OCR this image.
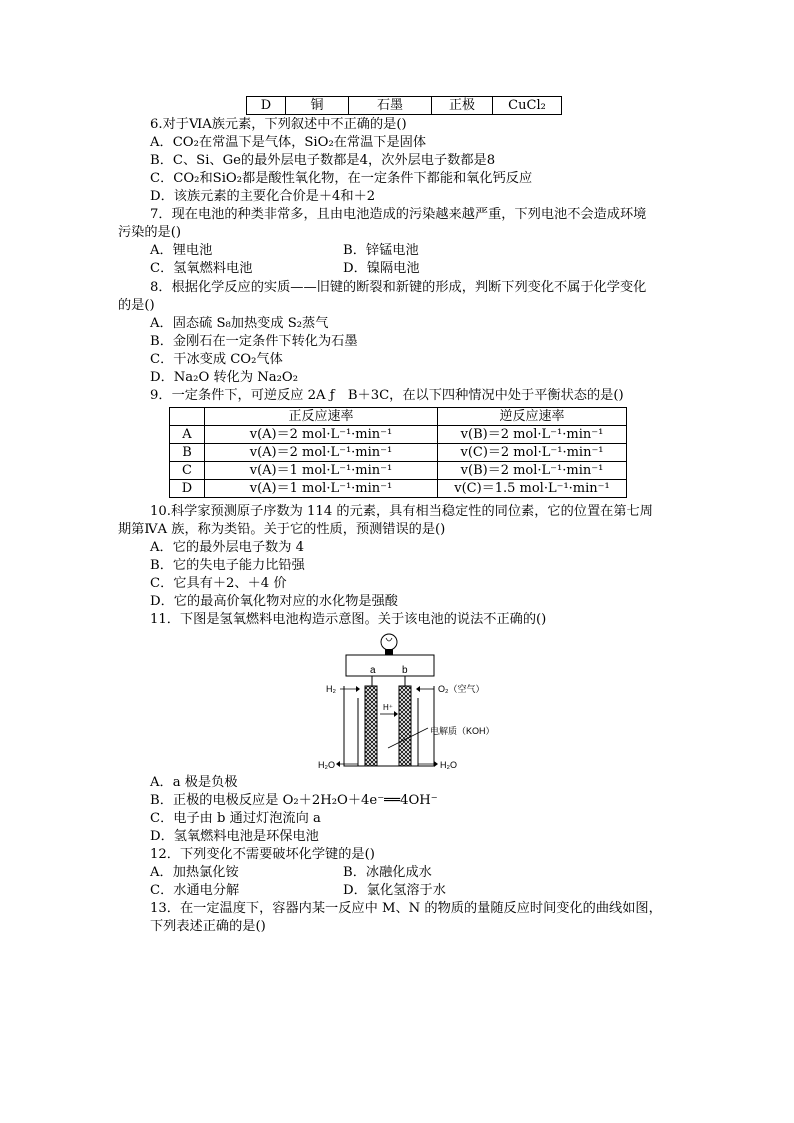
D	铜	石墨	正极	CuCl₂
6.对于ⅥA族元素，下列叙述中不正确的是()
A．CO₂在常温下是气体，SiO₂在常温下是固体
B．C、Si、Ge的最外层电子数都是4，次外层电子数都是8
C．CO₂和SiO₂都是酸性氧化物，在一定条件下都能和氧化钙反应
D．该族元素的主要化合价是＋4和＋2
7．现在电池的种类非常多，且由电池造成的污染越来越严重，下列电池不会造成环境
污染的是()
A．锂电池	B．锌锰电池
C．氢氧燃料电池	D．镍隔电池
8．根据化学反应的实质——旧键的断裂和新键的形成，判断下列变化不属于化学变化
的是()
A．固态硫 S₈加热变成 S₂蒸气
B．金刚石在一定条件下转化为石墨
C．干冰变成 CO₂气体
D．Na₂O 转化为 Na₂O₂
9．一定条件下，可逆反应 2A ƒ　B＋3C，在以下四种情况中处于平衡状态的是()
	正反应速率	逆反应速率
A	v(A)＝2 mol·L⁻¹·min⁻¹	v(B)＝2 mol·L⁻¹·min⁻¹
B	v(A)＝2 mol·L⁻¹·min⁻¹	v(C)＝2 mol·L⁻¹·min⁻¹
C	v(A)＝1 mol·L⁻¹·min⁻¹	v(B)＝2 mol·L⁻¹·min⁻¹
D	v(A)＝1 mol·L⁻¹·min⁻¹	v(C)＝1.5 mol·L⁻¹·min⁻¹
10.科学家预测原子序数为 114 的元素，具有相当稳定性的同位素，它的位置在第七周
期第ⅣA 族，称为类铅。关于它的性质，预测错误的是()
A．它的最外层电子数为 4
B．它的失电子能力比铅强
C．它具有＋2、＋4 价
D．它的最高价氧化物对应的水化物是强酸
11．下图是氢氧燃料电池构造示意图。关于该电池的说法不正确的()
a	b
H₂	O₂（空气）
H⁺
电解质（KOH）
H₂O	H₂O
A．a 极是负极
B．正极的电极反应是 O₂＋2H₂O＋4e⁻══4OH⁻
C．电子由 b 通过灯泡流向 a
D．氢氧燃料电池是环保电池
12．下列变化不需要破坏化学键的是()
A．加热氯化铵	B．冰融化成水
C．水通电分解	D．氯化氢溶于水
13．在一定温度下，容器内某一反应中 M、N 的物质的量随反应时间变化的曲线如图，
下列表述正确的是()
